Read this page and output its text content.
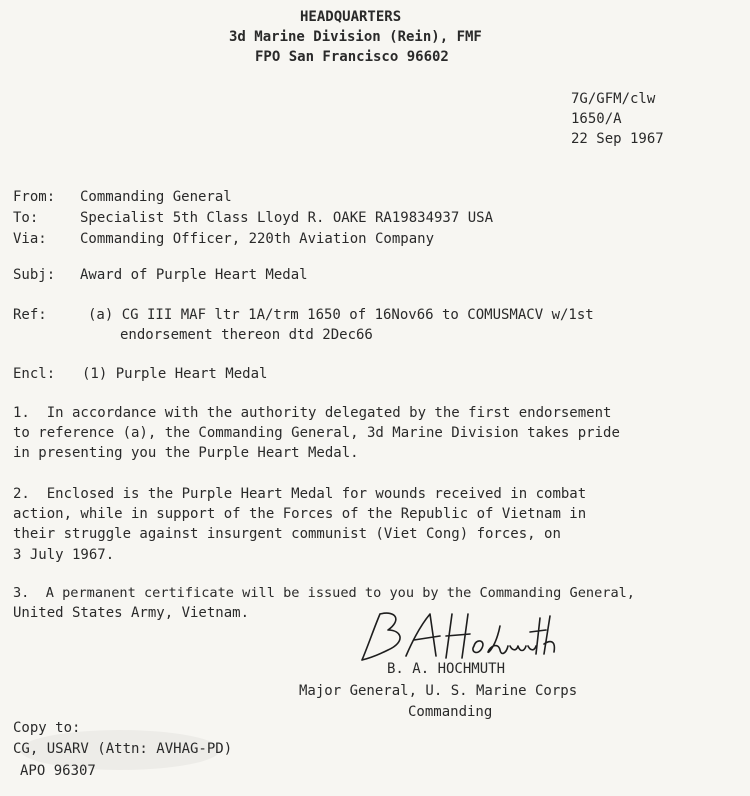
HEADQUARTERS
3d Marine Division (Rein), FMF
FPO San Francisco 96602
7G/GFM/clw
1650/A
22 Sep 1967
From: Commanding General
To:	Specialist 5th Class Lloyd R. OAKE RA19834937 USA
Via: Commanding Officer, 220th Aviation Company
Subj: Award of Purple Heart Medal
Ref:	(a) CG III MAF ltr 1A/trm 1650 of 16Nov66 to COMUSMACV w/1st
endorsement thereon dtd 2Dec66
Encl: (1) Purple Heart Medal
1.  In accordance with the authority delegated by the first endorsement
to reference (a), the Commanding General, 3d Marine Division takes pride
in presenting you the Purple Heart Medal.
2.  Enclosed is the Purple Heart Medal for wounds received in combat
action, while in support of the Forces of the Republic of Vietnam in
their struggle against insurgent communist (Viet Cong) forces, on
3 July 1967.
3.  A permanent certificate will be issued to you by the Commanding General,
United States Army, Vietnam.
B. A. HOCHMUTH
Major General, U. S. Marine Corps
Commanding
Copy to:
CG, USARV (Attn: AVHAG-PD)
APO 96307
